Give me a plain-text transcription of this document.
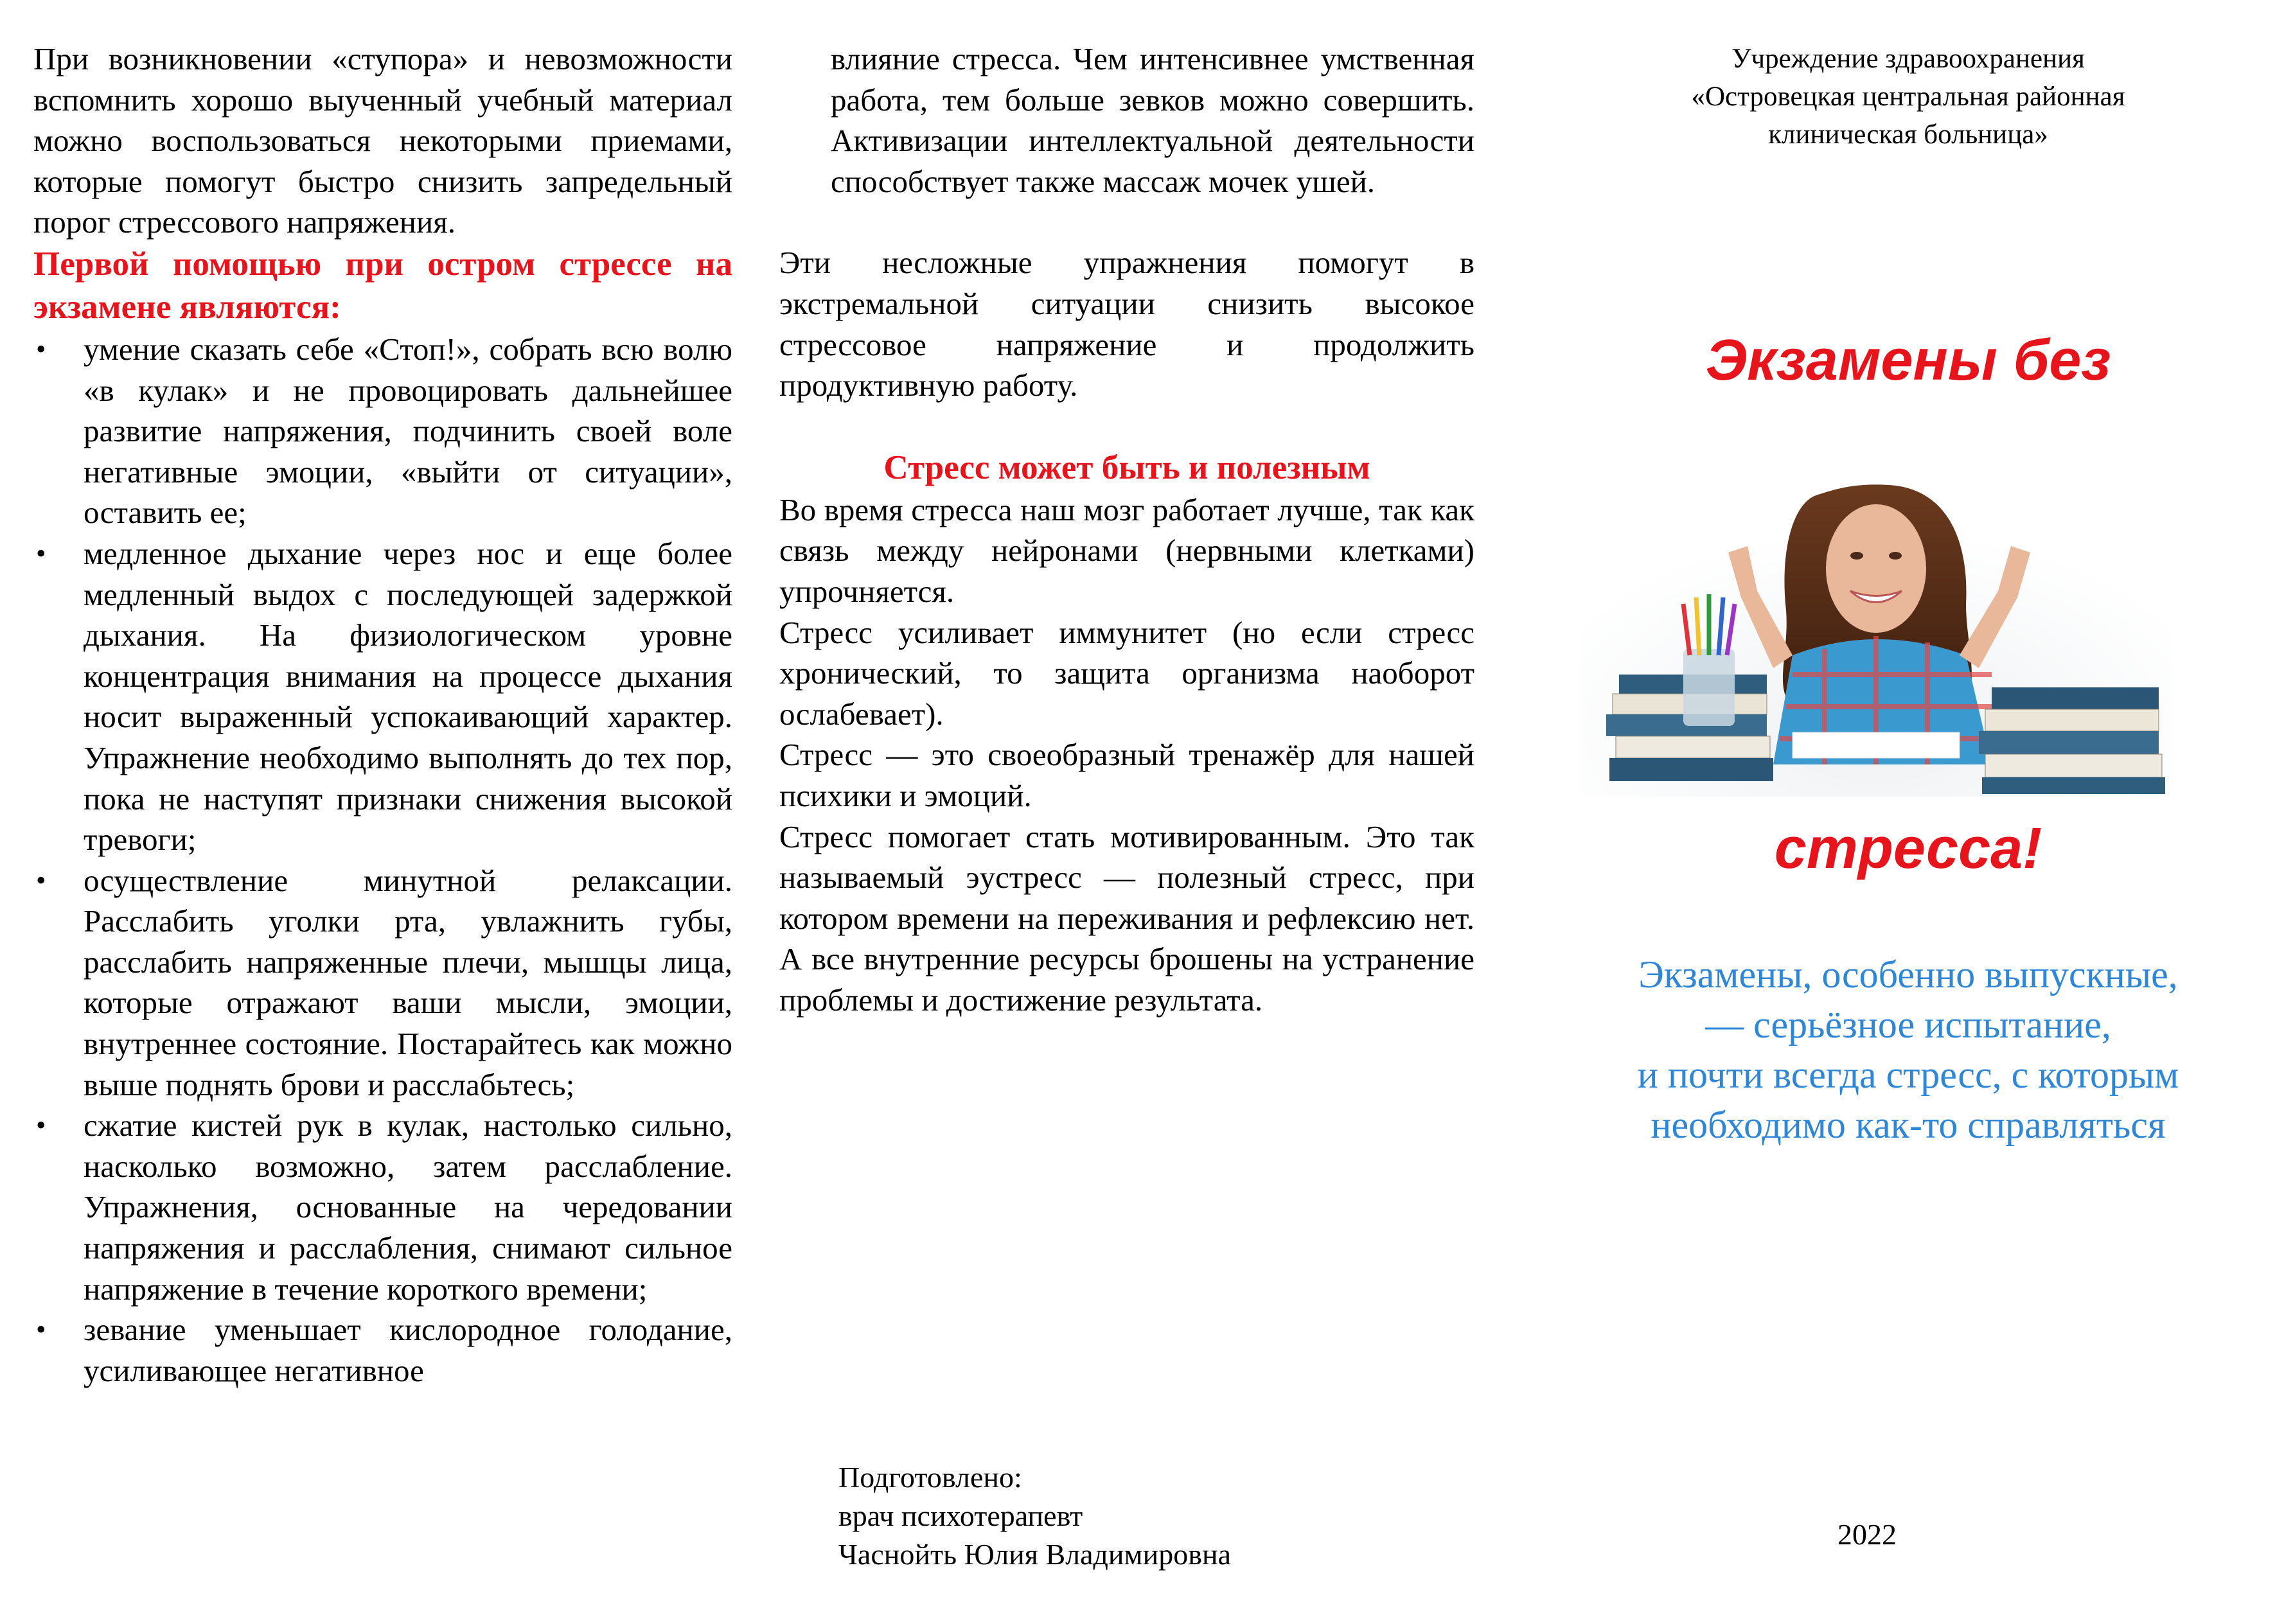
При возникновении «ступора» и невозможности вспомнить хорошо выученный учебный материал можно воспользоваться некоторыми приемами, которые помогут быстро снизить запредельный порог стрессового напряжения.

Первой помощью при остром стрессе на экзамене являются:

• умение сказать себе «Стоп!», собрать всю волю «в кулак» и не провоцировать дальнейшее развитие напряжения, подчинить своей воле негативные эмоции, «выйти от ситуации», оставить ее;
• медленное дыхание через нос и еще более медленный выдох с последующей задержкой дыхания. На физиологическом уровне концентрация внимания на процессе дыхания носит выраженный успокаивающий характер. Упражнение необходимо выполнять до тех пор, пока не наступят признаки снижения высокой тревоги;
• осуществление минутной релаксации. Расслабить уголки рта, увлажнить губы, расслабить напряженные плечи, мышцы лица, которые отражают ваши мысли, эмоции, внутреннее состояние. Постарайтесь как можно выше поднять брови и расслабьтесь;
• сжатие кистей рук в кулак, настолько сильно, насколько возможно, затем расслабление. Упражнения, основанные на чередовании напряжения и расслабления, снимают сильное напряжение в течение короткого времени;
• зевание уменьшает кислородное голодание, усиливающее негативное

влияние стресса. Чем интенсивнее умственная работа, тем больше зевков можно совершить. Активизации интеллектуальной деятельности способствует также массаж мочек ушей.

Эти несложные упражнения помогут в экстремальной ситуации снизить высокое стрессовое напряжение и продолжить продуктивную работу.

Стресс может быть и полезным

Во время стресса наш мозг работает лучше, так как связь между нейронами (нервными клетками) упрочняется.

Стресс усиливает иммунитет (но если стресс хронический, то защита организма наоборот ослабевает).

Стресс — это своеобразный тренажёр для нашей психики и эмоций.

Стресс помогает стать мотивированным. Это так называемый эустресс — полезный стресс, при котором времени на переживания и рефлексию нет. А все внутренние ресурсы брошены на устранение проблемы и достижение результата.

Подготовлено:
врач психотерапевт
Часнойть Юлия Владимировна
Учреждение здравоохранения
«Островецкая центральная районная
клиническая больница»
Экзамены без
стресса!
Экзамены, особенно выпускные,
— серьёзное испытание,
и почти всегда стресс, с которым
необходимо как-то справляться
2022
